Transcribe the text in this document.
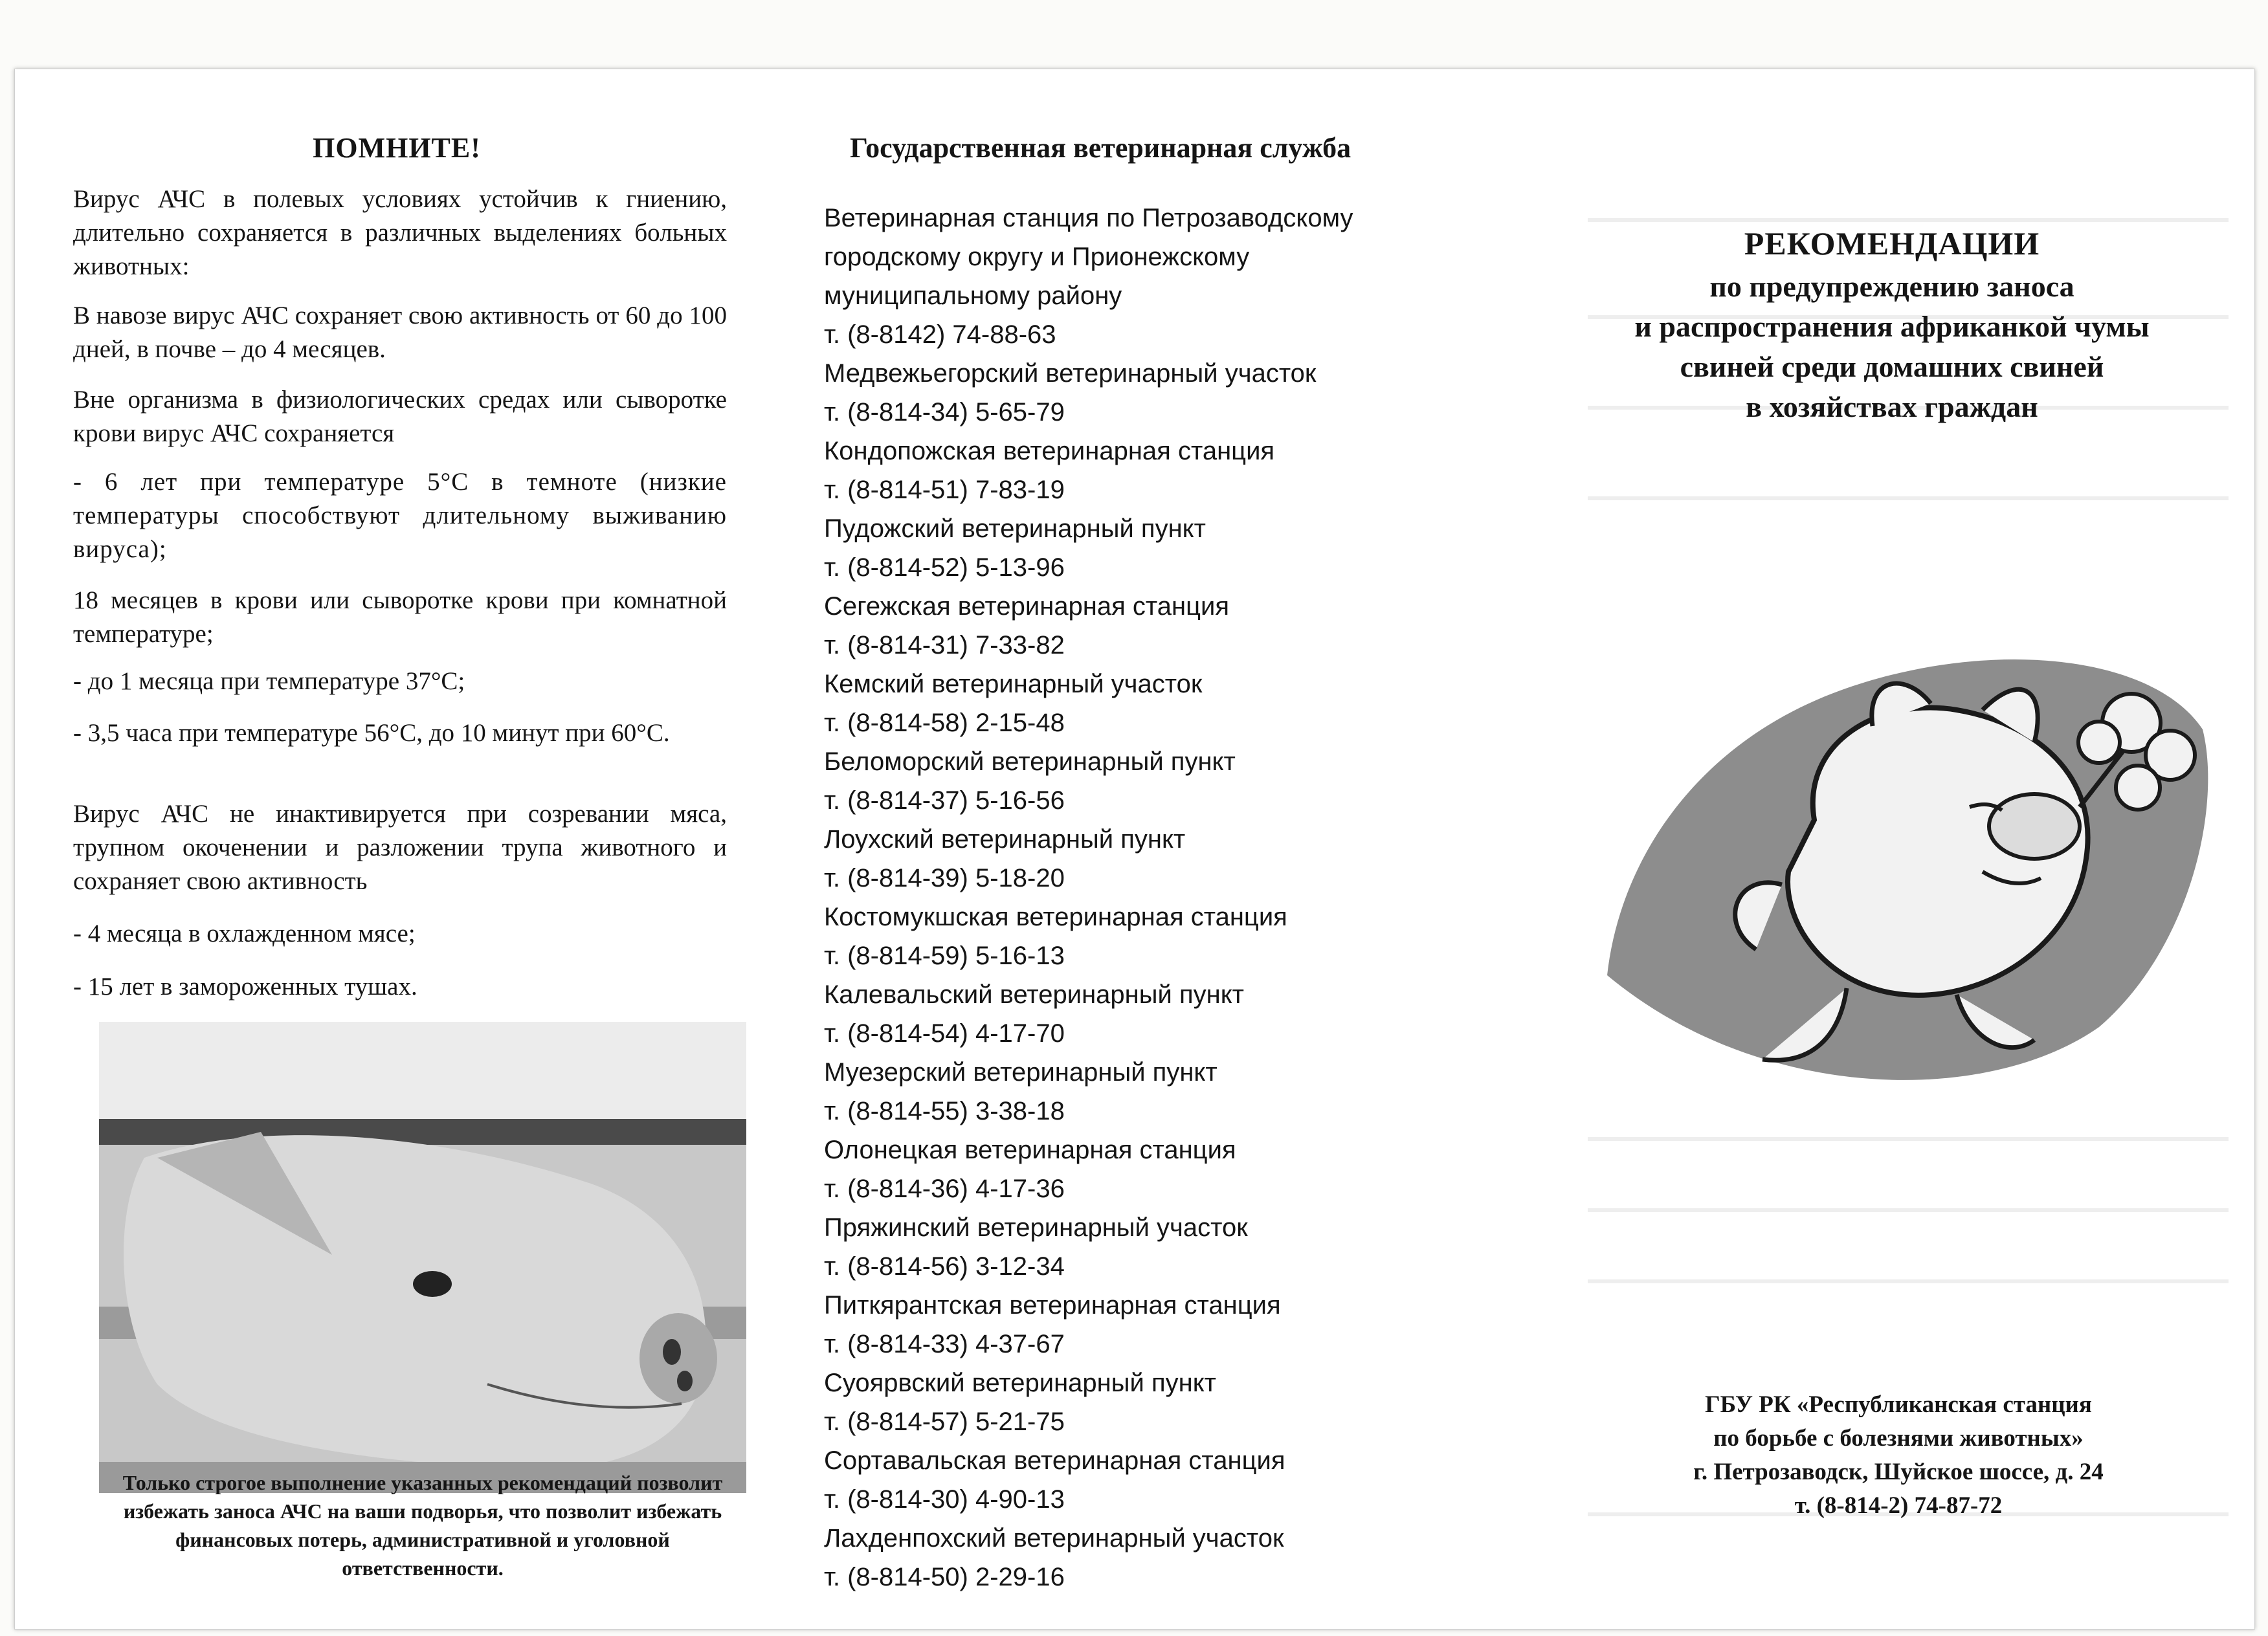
ПОМНИТЕ!

Вирус АЧС в полевых условиях устойчив к гниению, длительно сохраняется в различных выделениях больных животных:

В навозе вирус АЧС сохраняет свою активность от 60 до 100 дней, в почве – до 4 месяцев.

Вне организма в физиологических средах или сыворотке крови вирус АЧС сохраняется

- 6 лет при температуре 5°С в темноте (низкие температуры способствуют длительному выживанию вируса);

18 месяцев в крови или сыворотке крови при комнатной температуре;

- до 1 месяца при температуре 37°С;

- 3,5 часа при температуре 56°С, до 10 минут при 60°С.

Вирус АЧС не инактивируется при созревании мяса, трупном окоченении и разложении трупа животного и сохраняет свою активность

- 4 месяца в охлажденном мясе;

- 15 лет в замороженных тушах.

Только строгое выполнение указанных рекомендаций позволит избежать заноса АЧС на ваши подворья, что позволит избежать финансовых потерь, административной и уголовной ответственности.
Государственная ветеринарная служба
Ветеринарная станция по Петрозаводскому
городскому округу и Прионежскому
муниципальному району
т. (8-8142) 74-88-63
Медвежьегорский ветеринарный участок
т. (8-814-34) 5-65-79
Кондопожская ветеринарная станция
т. (8-814-51) 7-83-19
Пудожский ветеринарный пункт
т. (8-814-52) 5-13-96
Сегежская ветеринарная станция
т. (8-814-31) 7-33-82
Кемский ветеринарный участок
т. (8-814-58) 2-15-48
Беломорский ветеринарный пункт
т. (8-814-37) 5-16-56
Лоухский ветеринарный пункт
т. (8-814-39) 5-18-20
Костомукшская ветеринарная станция
т. (8-814-59) 5-16-13
Калевальский ветеринарный пункт
т. (8-814-54) 4-17-70
Муезерский ветеринарный пункт
т. (8-814-55) 3-38-18
Олонецкая ветеринарная станция
т. (8-814-36) 4-17-36
Пряжинский ветеринарный участок
т. (8-814-56) 3-12-34
Питкярантская ветеринарная станция
т. (8-814-33) 4-37-67
Суоярвский ветеринарный пункт
т. (8-814-57) 5-21-75
Сортавальская ветеринарная станция
т. (8-814-30) 4-90-13
Лахденпохский ветеринарный участок
т. (8-814-50) 2-29-16
РЕКОМЕНДАЦИИ
по предупреждению заноса
и распространения африканкой чумы
свиней среди домашних свиней
в хозяйствах граждан
ГБУ РК «Республиканская станция
по борьбе с болезнями животных»
г. Петрозаводск, Шуйское шоссе, д. 24
т. (8-814-2) 74-87-72
